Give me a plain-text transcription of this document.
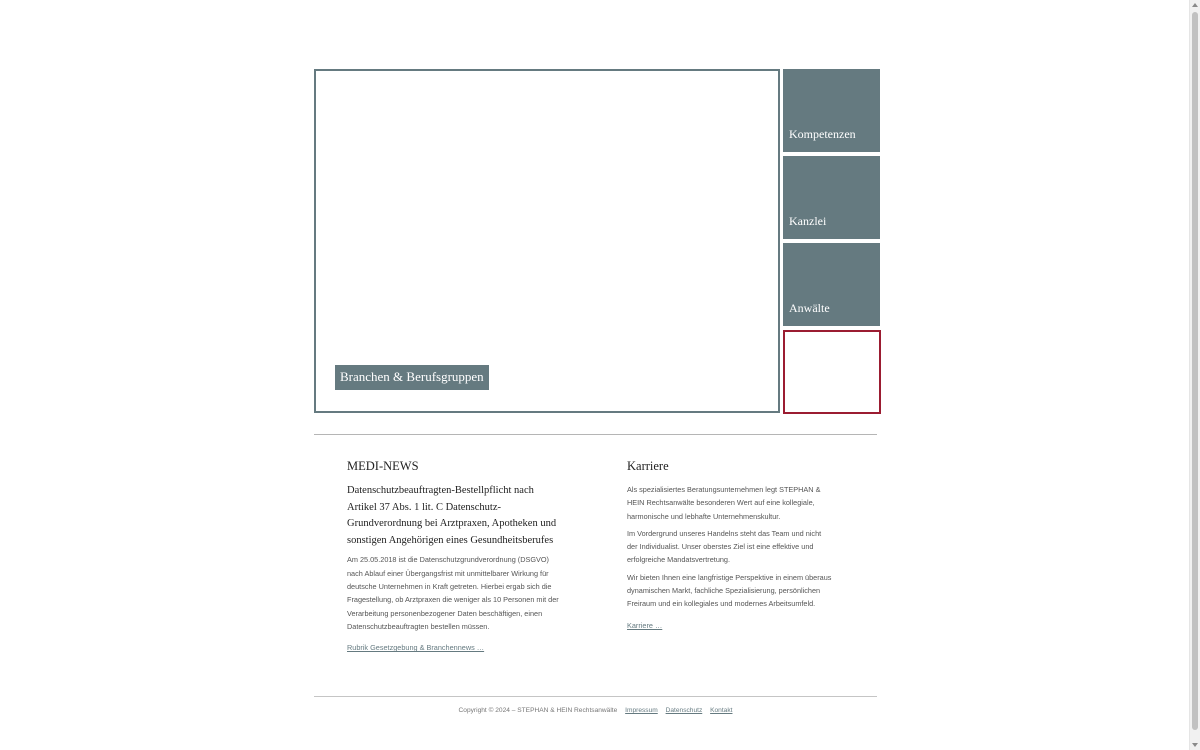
Branchen & Berufsgruppen
Kompetenzen
Kanzlei
Anwälte
MEDI-NEWS

Datenschutzbeauftragten-Bestellpflicht nach Artikel 37 Abs. 1 lit. C Datenschutz-Grundverordnung bei Arztpraxen, Apotheken und sonstigen Angehörigen eines Gesundheitsberufes

Am 25.05.2018 ist die Datenschutzgrundverordnung (DSGVO) nach Ablauf einer Übergangsfrist mit unmittelbarer Wirkung für deutsche Unternehmen in Kraft getreten. Hierbei ergab sich die Fragestellung, ob Arztpraxen die weniger als 10 Personen mit der Verarbeitung personenbezogener Daten beschäftigen, einen Datenschutzbeauftragten bestellen müssen.

Rubrik Gesetzgebung & Branchennews …
Karriere

Als spezialisiertes Beratungsunternehmen legt STEPHAN & HEIN Rechtsanwälte besonderen Wert auf eine kollegiale, harmonische und lebhafte Unternehmenskultur.

Im Vordergrund unseres Handelns steht das Team und nicht der Individualist. Unser oberstes Ziel ist eine effektive und erfolgreiche Mandatsvertretung.

Wir bieten Ihnen eine langfristige Perspektive in einem überaus dynamischen Markt, fachliche Spezialisierung, persönlichen Freiraum und ein kollegiales und modernes Arbeitsumfeld.

Karriere …
Copyright © 2024 – STEPHAN & HEIN Rechtsanwälte Impressum Datenschutz Kontakt
